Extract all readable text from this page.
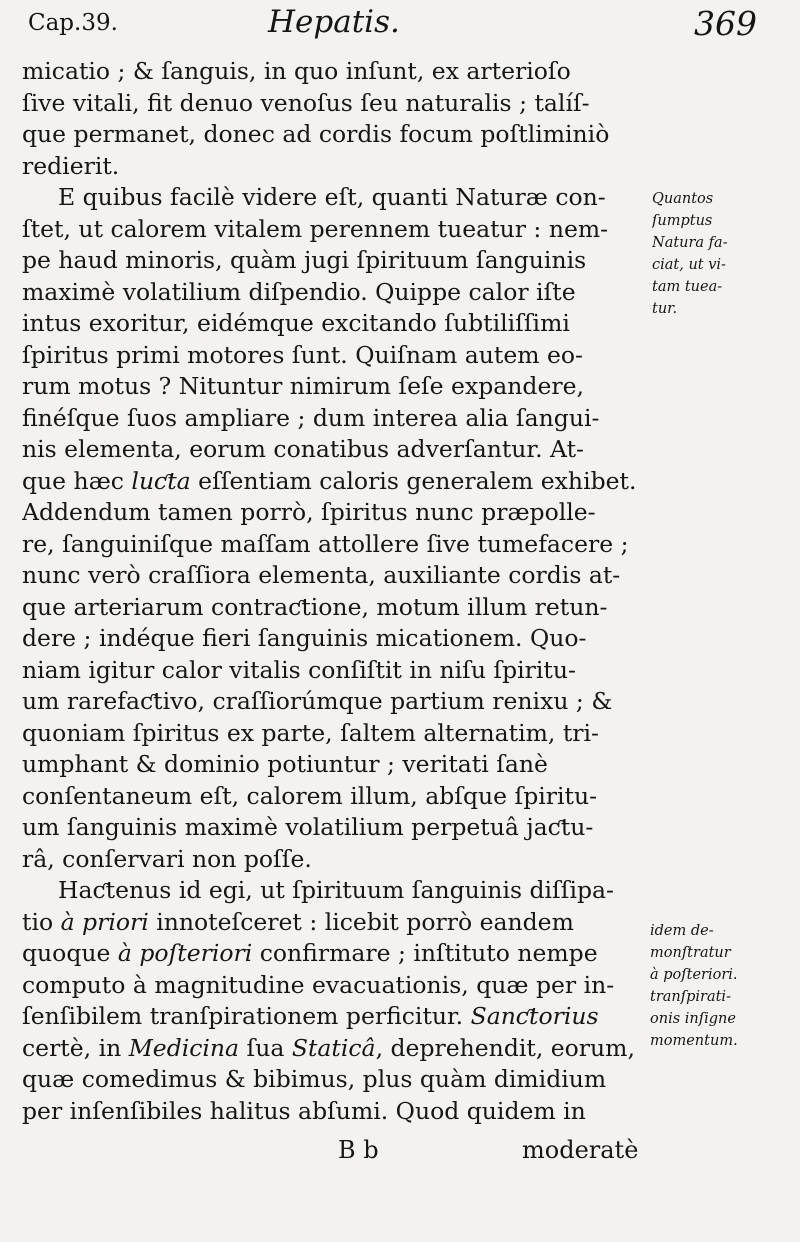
Cap.39.	Hepatis.	369
micatio ; & ſanguis, in quo inſunt, ex arterioſo
ſive vitali, fit denuo venoſus ſeu naturalis ; talíſ-
que permanet, donec ad cordis focum poſtliminiò
redierit.
E quibus facilè videre eſt, quanti Naturæ con-
ſtet, ut calorem vitalem perennem tueatur : nem-
pe haud minoris, quàm jugi ſpirituum ſanguinis
maximè volatilium diſpendio. Quippe calor iſte
intus exoritur, eidémque excitando ſubtiliſſimi
ſpiritus primi motores ſunt. Quiſnam autem eo-
rum motus ? Nituntur nimirum ſeſe expandere,
finéſque ſuos ampliare ; dum interea alia ſangui-
nis elementa, eorum conatibus adverſantur. At-
que hæc luƈta eſſentiam caloris generalem exhibet.
Addendum tamen porrò, ſpiritus nunc præpolle-
re, ſanguiniſque maſſam attollere ſive tumefacere ;
nunc verò craſſiora elementa, auxiliante cordis at-
que arteriarum contraƈtione, motum illum retun-
dere ; indéque fieri ſanguinis micationem. Quo-
niam igitur calor vitalis conſiſtit in niſu ſpiritu-
um rarefaƈtivo, craſſiorúmque partium renixu ; &
quoniam ſpiritus ex parte, ſaltem alternatim, tri-
umphant & dominio potiuntur ; veritati ſanè
conſentaneum eſt, calorem illum, abſque ſpiritu-
um ſanguinis maximè volatilium perpetuâ jaƈtu-
râ, conſervari non poſſe.
Haƈtenus id egi, ut ſpirituum ſanguinis diſſipa-
tio à priori innoteſceret : licebit porrò eandem
quoque à poſteriori confirmare ; inſtituto nempe
computo à magnitudine evacuationis, quæ per in-
ſenſibilem tranſpirationem perficitur. Sanƈtorius
certè, in Medicina ſua Staticâ, deprehendit, eorum,
quæ comedimus & bibimus, plus quàm dimidium
per inſenſibiles halitus abſumi. Quod quidem in
Quantos
ſumptus
Natura fa-
ciat, ut vi-
tam tuea-
tur.
idem de-
monſtratur
à poſteriori.
tranſpirati-
onis inſigne
momentum.
B b	moderatè
